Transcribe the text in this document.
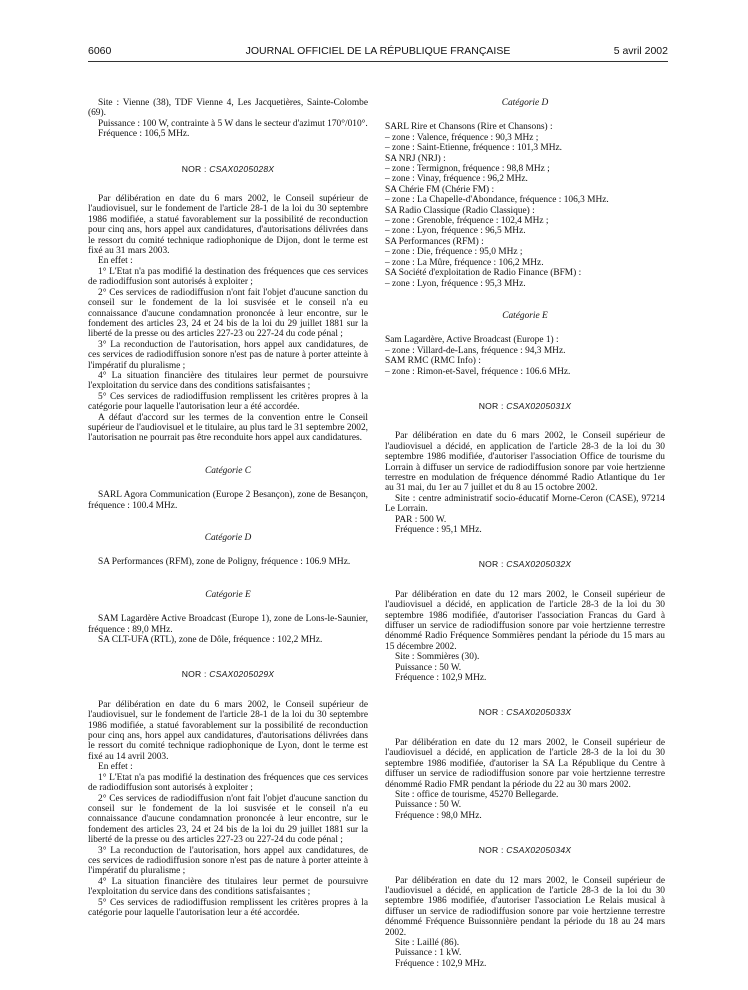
6060	JOURNAL OFFICIEL DE LA RÉPUBLIQUE FRANÇAISE	5 avril 2002

Site : Vienne (38), TDF Vienne 4, Les Jacquetières, Sainte-Colombe (69).

Puissance : 100 W, contrainte à 5 W dans le secteur d'azimut 170°/010°.

Fréquence : 106,5 MHz.

NOR : CSAX0205028X

Par délibération en date du 6 mars 2002, le Conseil supérieur de l'audiovisuel, sur le fondement de l'article 28-1 de la loi du 30 septembre 1986 modifiée, a statué favorablement sur la possibilité de reconduction pour cinq ans, hors appel aux candidatures, d'autorisations délivrées dans le ressort du comité technique radiophonique de Dijon, dont le terme est fixé au 31 mars 2003.

En effet :

1° L'Etat n'a pas modifié la destination des fréquences que ces services de radiodiffusion sont autorisés à exploiter ;

2° Ces services de radiodiffusion n'ont fait l'objet d'aucune sanction du conseil sur le fondement de la loi susvisée et le conseil n'a eu connaissance d'aucune condamnation prononcée à leur encontre, sur le fondement des articles 23, 24 et 24 bis de la loi du 29 juillet 1881 sur la liberté de la presse ou des articles 227-23 ou 227-24 du code pénal ;

3° La reconduction de l'autorisation, hors appel aux candidatures, de ces services de radiodiffusion sonore n'est pas de nature à porter atteinte à l'impératif du pluralisme ;

4° La situation financière des titulaires leur permet de poursuivre l'exploitation du service dans des conditions satisfaisantes ;

5° Ces services de radiodiffusion remplissent les critères propres à la catégorie pour laquelle l'autorisation leur a été accordée.

A défaut d'accord sur les termes de la convention entre le Conseil supérieur de l'audiovisuel et le titulaire, au plus tard le 31 septembre 2002, l'autorisation ne pourrait pas être reconduite hors appel aux candidatures.

Catégorie C

SARL Agora Communication (Europe 2 Besançon), zone de Besançon, fréquence : 100.4 MHz.

Catégorie D

SA Performances (RFM), zone de Poligny, fréquence : 106.9 MHz.

Catégorie E

SAM Lagardère Active Broadcast (Europe 1), zone de Lons-le-Saunier, fréquence : 89,0 MHz.

SA CLT-UFA (RTL), zone de Dôle, fréquence : 102,2 MHz.

NOR : CSAX0205029X

Par délibération en date du 6 mars 2002, le Conseil supérieur de l'audiovisuel, sur le fondement de l'article 28-1 de la loi du 30 septembre 1986 modifiée, a statué favorablement sur la possibilité de reconduction pour cinq ans, hors appel aux candidatures, d'autorisations délivrées dans le ressort du comité technique radiophonique de Lyon, dont le terme est fixé au 14 avril 2003.

En effet :

1° L'Etat n'a pas modifié la destination des fréquences que ces services de radiodiffusion sont autorisés à exploiter ;

2° Ces services de radiodiffusion n'ont fait l'objet d'aucune sanction du conseil sur le fondement de la loi susvisée et le conseil n'a eu connaissance d'aucune condamnation prononcée à leur encontre, sur le fondement des articles 23, 24 et 24 bis de la loi du 29 juillet 1881 sur la liberté de la presse ou des articles 227-23 ou 227-24 du code pénal ;

3° La reconduction de l'autorisation, hors appel aux candidatures, de ces services de radiodiffusion sonore n'est pas de nature à porter atteinte à l'impératif du pluralisme ;

4° La situation financière des titulaires leur permet de poursuivre l'exploitation du service dans des conditions satisfaisantes ;

5° Ces services de radiodiffusion remplissent les critères propres à la catégorie pour laquelle l'autorisation leur a été accordée.

Catégorie D

SARL Rire et Chansons (Rire et Chansons) :

– zone : Valence, fréquence : 90,3 MHz ;

– zone : Saint-Etienne, fréquence : 101,3 MHz.

SA NRJ (NRJ) :

– zone : Termignon, fréquence : 98,8 MHz ;

– zone : Vinay, fréquence : 96,2 MHz.

SA Chérie FM (Chérie FM) :

– zone : La Chapelle-d'Abondance, fréquence : 106,3 MHz.

SA Radio Classique (Radio Classique) :

– zone : Grenoble, fréquence : 102,4 MHz ;

– zone : Lyon, fréquence : 96,5 MHz.

SA Performances (RFM) :

– zone : Die, fréquence : 95,0 MHz ;

– zone : La Mûre, fréquence : 106,2 MHz.

SA Société d'exploitation de Radio Finance (BFM) :

– zone : Lyon, fréquence : 95,3 MHz.

Catégorie E

Sam Lagardère, Active Broadcast (Europe 1) :

– zone : Villard-de-Lans, fréquence : 94,3 MHz.

SAM RMC (RMC Info) :

– zone : Rimon-et-Savel, fréquence : 106.6 MHz.

NOR : CSAX0205031X

Par délibération en date du 6 mars 2002, le Conseil supérieur de l'audiovisuel a décidé, en application de l'article 28-3 de la loi du 30 septembre 1986 modifiée, d'autoriser l'association Office de tourisme du Lorrain à diffuser un service de radiodiffusion sonore par voie hertzienne terrestre en modulation de fréquence dénommé Radio Atlantique du 1er au 31 mai, du 1er au 7 juillet et du 8 au 15 octobre 2002.

Site : centre administratif socio-éducatif Morne-Ceron (CASE), 97214 Le Lorrain.

PAR : 500 W.

Fréquence : 95,1 MHz.

NOR : CSAX0205032X

Par délibération en date du 12 mars 2002, le Conseil supérieur de l'audiovisuel a décidé, en application de l'article 28-3 de la loi du 30 septembre 1986 modifiée, d'autoriser l'association Francas du Gard à diffuser un service de radiodiffusion sonore par voie hertzienne terrestre dénommé Radio Fréquence Sommières pendant la période du 15 mars au 15 décembre 2002.

Site : Sommières (30).

Puissance : 50 W.

Fréquence : 102,9 MHz.

NOR : CSAX0205033X

Par délibération en date du 12 mars 2002, le Conseil supérieur de l'audiovisuel a décidé, en application de l'article 28-3 de la loi du 30 septembre 1986 modifiée, d'autoriser la SA La République du Centre à diffuser un service de radiodiffusion sonore par voie hertzienne terrestre dénommé Radio FMR pendant la période du 22 au 30 mars 2002.

Site : office de tourisme, 45270 Bellegarde.

Puissance : 50 W.

Fréquence : 98,0 MHz.

NOR : CSAX0205034X

Par délibération en date du 12 mars 2002, le Conseil supérieur de l'audiovisuel a décidé, en application de l'article 28-3 de la loi du 30 septembre 1986 modifiée, d'autoriser l'association Le Relais musical à diffuser un service de radiodiffusion sonore par voie hertzienne terrestre dénommé Fréquence Buissonnière pendant la période du 18 au 24 mars 2002.

Site : Laillé (86).

Puissance : 1 kW.

Fréquence : 102,9 MHz.
